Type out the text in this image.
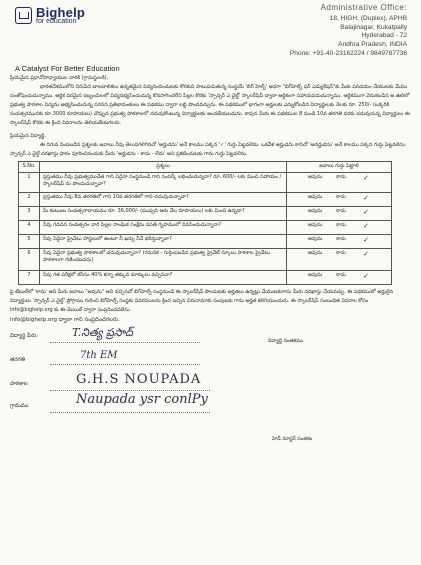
Bighelp
for education
A Catalyst For Better Education
Administrative Office:
18, HIGH, (Duplex), APHB
Balajinagar, Kukatpally
Hyderabad - 72
Andhra Pradesh, INDIA
Phone: +91-40-23162224 / 9849787736

ప్రియమైన ప్రధానోపాధ్యాయుల వారికి (గ్రామస్థులకి),

భారతదేశములోని నిరుపేద బాలబాలికలు ఉన్నతమైన విద్యనందించుటకు కొరకుని పాటుపడుతున్న సంస్థయే 'బిగ్ హెల్ప్' అనగా "బిగ్‌హెల్ప్ ఫర్ ఎడ్యుకేషన్"కు మీకు పరిచయం చేయుటకు మేము సంతోషించుచున్నాము. ఆర్థిక పరమైన ఇబ్బందులలో విద్యనభ్యసించుచున్న కొనసాగించలేని పిల్లల కొరకు 'స్పాన్సర్ ఎ చైల్డ్' స్కాలర్‌షిప్ ద్వారా ఆర్థికంగా సహాయపడుచున్నాము. ఆర్థికముగా వెనుకబడిన ఆ ఊరిలో ప్రభుత్వ పాఠశాల విద్యను అభ్యసించుచున్న సరసన ప్రతిభావంతులు ఈ పథకము ద్వారా లబ్ధి పొందవచ్చును. ఈ పథకములో భాగంగా అర్హులకు ఎన్నుకోబడిన విద్యార్థులకు నెలకు రూ. 250/- (ఒక్కరికి సంవత్సరమునకు రూ.3000 రూపాయలు) చొప్పున ప్రభుత్వ పాఠశాలలో చదువుకొంటున్న విద్యార్థులకు అందజేయబడును. కావున మీరు ఈ పథకముల 8 నుండి 10వ తరగతి వరకు చదువుచున్న విద్యార్థులు ఈ స్కాలర్‌షిప్ కొరకు ఈ క్రింది వివరాలను తెలియజేయగలరు.

ప్రియమైన విద్యార్థి,

ఈ దిగువ నింపబడిన ప్రశ్నలకు జవాబు నీవు తెలుపగలిగినచో 'అర్హుడను' అనే కాలము పక్కన '✓' గుర్తు పెట్టవలెను. ఒకవేళ అర్హుడను కానిచో 'అనర్హుడను' అనే కాలము పక్కన గుర్తు పెట్టవలెను. స్పాన్సర్ ఎ చైల్డ్ దరఖాస్తు ఫారం పూరించినందుకు మీరు 'అర్హుడను - కాదు - లేదు' అని ప్రకటించుటకు గాను గుర్తు పెట్టవలెను.

S.No.	ప్రశ్నలు	జవాబు గుర్తు పెట్టాలి
1	ప్రస్తుతము నీవు ప్రభుత్వముచేత గాని ఏదైనా సంస్థనుండి గాని సంపర్క్ లభించుచున్నదా? రూ. 600/- లకు మించి సహాయం / స్కాలర్‌షిప్ ను పొందుచున్నావా?	అవును కాదు ✓

2	ప్రస్తుతము నీవు 8వ తరగతిలో గాని 10వ తరగతిలో గాని చదువుచున్నావా?	అవును కాదు ✓

3	మీ కుటుంబ సంవత్సరాదాయము రూ. 36,000/- (ముప్పది ఆరు వేల రూపాయలు) లకు మించి ఉన్నదా?	అవును కాదు ✓

4	నీవు గడచిన సంవత్సరం వారి పిల్లల సాంఘిక సంక్షేమ వసతి గృహములో నివసించుచున్నావా?	అవును కాదు ✓

5	నీవు ఏదైనా ప్రైవేటు హాస్టలులో ఉంటూ నీ ఖర్చు నీవే భరిస్తున్నావా?	అవును కాదు ✓

6	నీవు ఏదైనా ప్రభుత్వ పాఠశాలలో చదువుచున్నావా? (గమనిక - గుర్తింపబడిన ప్రభుత్వ ప్రైవేట్ స్కూలు పాఠశాల ప్రైవేటు పాఠశాలగా గణించబడదు)	అవును కాదు ✓

7	నీవు గత పరీక్షలో కనీసం 40% కన్నా తక్కువ మార్కులు వచ్చినవా?	అవును కాదు ✓

పై టేబుల్‌లో 'కాదు' అని మీరు జవాబు "అవును" అని వచ్చినచో బిగ్‌హెల్ప్ సంస్థనుండి ఈ స్కాలర్‌షిప్ పొందుటకు అర్హతలు ఉన్నట్లు చేయుటకుగాను మీరు దరఖాస్తు చేయవచ్చు. ఈ పథకములో అర్హులైన విద్యార్థులు 'స్పాన్సర్ ఎ చైల్డ్' ప్రోగ్రాము గురించి బిగ్‌హెల్ప్ సంస్థకు వివరములను క్రింద ఇచ్చిన చిరునామాకు పంపుటకు గాను అర్హత కలిగియుందురు. ఈ స్కాలర్‌షిప్ సంబంధిత వివరాల కోసం info@bighelp.org కు ఈ-మెయిల్ ద్వారా సంప్రదించవలెను.

info@bighelp.org ద్వారా గాని సంప్రదించగలరు.
విద్యార్థి పేరు:	T.నిత్య ప్రసాద్
తరగతి	7th EM
పాఠశాల	G.H.S NOUPADA
గ్రామము	Naupada ysr conlPy
విద్యార్థి సంతకము
హెడ్ మాస్టర్ సంతకం
